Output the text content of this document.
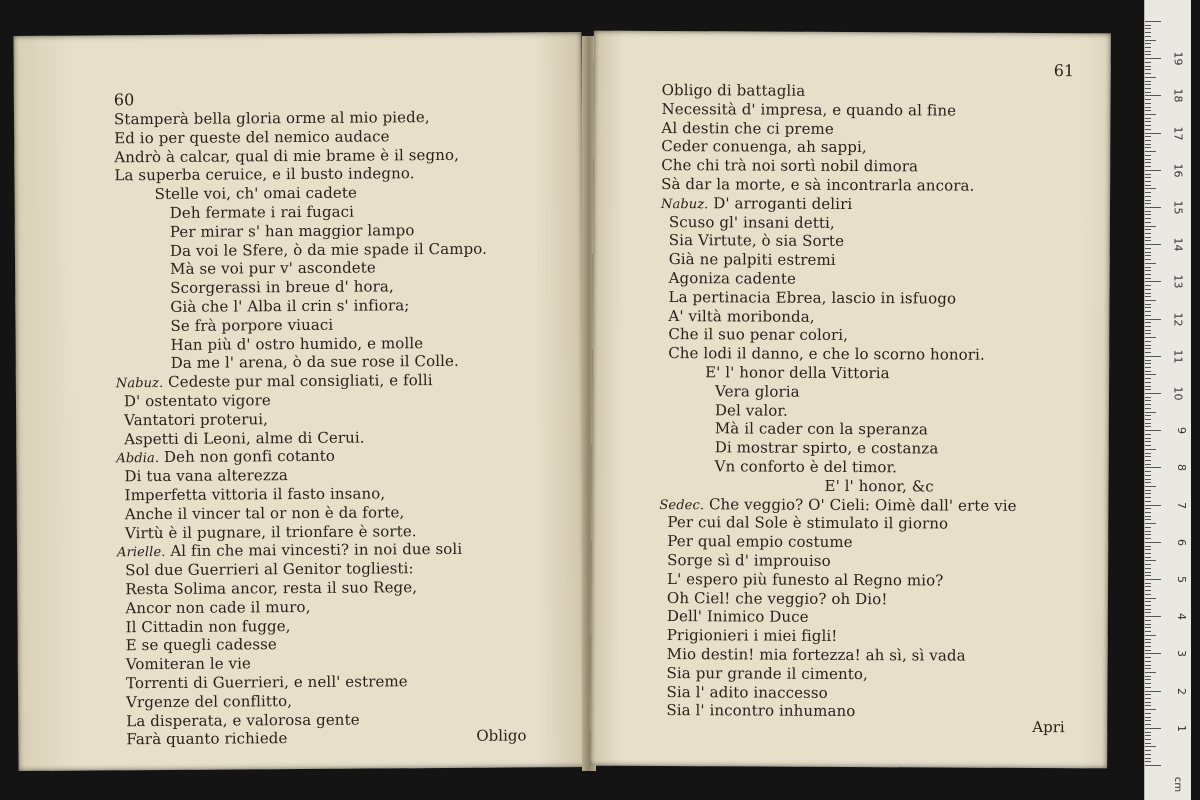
60
Obligo
Stamperà bella gloria orme al mio piede,
Ed io per queste del nemico audace
Andrò à calcar, qual di mie brame è il segno,
La superba ceruice, e il busto indegno.
Stelle voi, ch' omai cadete
Deh fermate i rai fugaci
Per mirar s' han maggior lampo
Da voi le Sfere, ò da mie spade il Campo.
Mà se voi pur v' ascondete
Scorgerassi in breue d' hora,
Già che l' Alba il crin s' infiora;
Se frà porpore viuaci
Han più d' ostro humido, e molle
Da me l' arena, ò da sue rose il Colle.
Nabuz. Cedeste pur mal consigliati, e folli
D' ostentato vigore
Vantatori proterui,
Aspetti di Leoni, alme di Cerui.
Abdia. Deh non gonfi cotanto
Di tua vana alterezza
Imperfetta vittoria il fasto insano,
Anche il vincer tal or non è da forte,
Virtù è il pugnare, il trionfare è sorte.
Arielle. Al fin che mai vincesti? in noi due soli
Sol due Guerrieri al Genitor togliesti:
Resta Solima ancor, resta il suo Rege,
Ancor non cade il muro,
Il Cittadin non fugge,
E se quegli cadesse
Vomiteran le vie
Torrenti di Guerrieri, e nell' estreme
Vrgenze del conflitto,
La disperata, e valorosa gente
Farà quanto richiede
61
Apri
Obligo di battaglia
Necessità d' impresa, e quando al fine
Al destin che ci preme
Ceder conuenga, ah sappi,
Che chi trà noi sortì nobil dimora
Sà dar la morte, e sà incontrarla ancora.
Nabuz. D' arroganti deliri
Scuso gl' insani detti,
Sia Virtute, ò sia Sorte
Già ne palpiti estremi
Agoniza cadente
La pertinacia Ebrea, lascio in isfuogo
A' viltà moribonda,
Che il suo penar colori,
Che lodi il danno, e che lo scorno honori.
E' l' honor della Vittoria
Vera gloria
Del valor.
Mà il cader con la speranza
Di mostrar spirto, e costanza
Vn conforto è del timor.
E' l' honor, &c
Sedec. Che veggio? O' Cieli: Oimè dall' erte vie
Per cui dal Sole è stimulato il giorno
Per qual empio costume
Sorge sì d' improuiso
L' espero più funesto al Regno mio?
Oh Ciel! che veggio? oh Dio!
Dell' Inimico Duce
Prigionieri i miei figli!
Mio destin! mia fortezza! ah sì, sì vada
Sia pur grande il cimento,
Sia l' adito inaccesso
Sia l' incontro inhumano
cm
1
2
3
4
5
6
7
8
9
10
11
12
13
14
15
16
17
18
19
